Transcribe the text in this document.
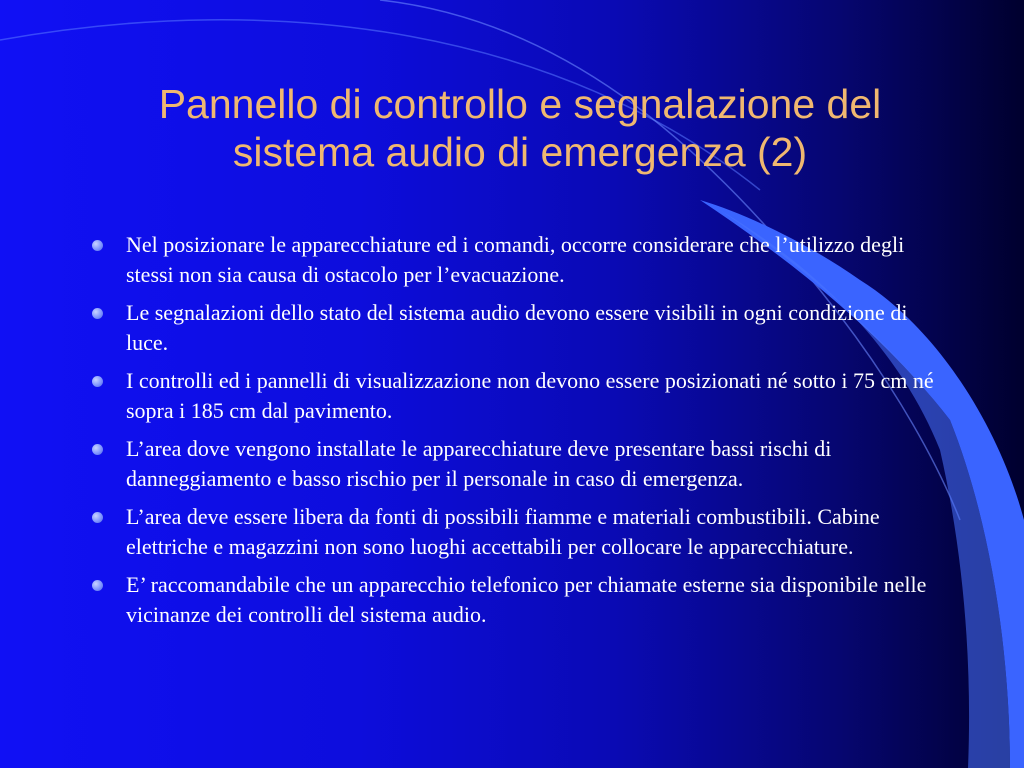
Pannello di controllo e segnalazione del
sistema audio di emergenza (2)
Nel posizionare le apparecchiature ed i comandi, occorre considerare che l’utilizzo degli stessi non sia causa di ostacolo per l’evacuazione.
Le segnalazioni dello stato del sistema audio devono essere visibili in ogni condizione di luce.
I controlli ed i pannelli di visualizzazione non devono essere posizionati né sotto i 75 cm né sopra i 185 cm dal pavimento.
L’area dove vengono installate le apparecchiature deve presentare bassi rischi di danneggiamento e basso rischio per il personale in caso di emergenza.
L’area deve essere libera da fonti di possibili fiamme e materiali combustibili. Cabine elettriche e magazzini non sono luoghi accettabili per collocare le apparecchiature.
E’ raccomandabile che un apparecchio telefonico per chiamate esterne sia disponibile nelle vicinanze dei controlli del sistema audio.
